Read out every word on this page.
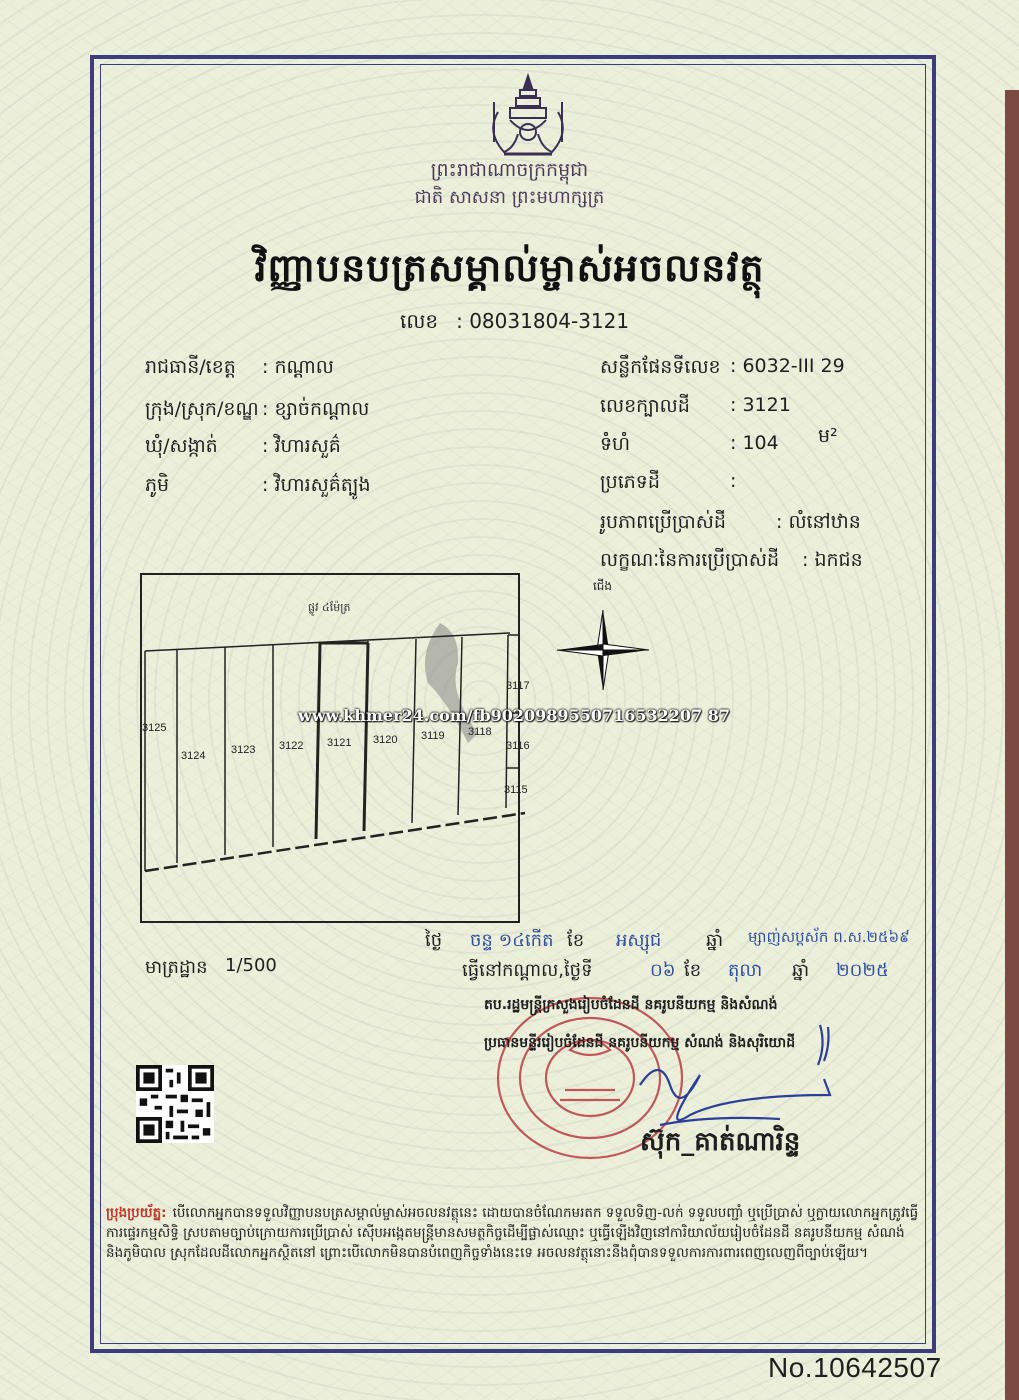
ព្រះរាជាណាចក្រកម្ពុជា
ជាតិ សាសនា ព្រះមហាក្សត្រ
វិញ្ញាបនបត្រសម្គាល់ម្ចាស់អចលនវត្ថុ
លេខ : 08031804-3121
រាជធានី/ខេត្ត : កណ្ដាល
ក្រុង/ស្រុក/ខណ្ឌ : ខ្សាច់កណ្ដាល
ឃុំ/សង្កាត់ : វិហារសួគ៌
ភូមិ	: វិហារសួគ៌ត្បូង
សន្លឹកផែនទីលេខ : 6032-III 29
លេខក្បាលដី : 3121
ទំហំ	: 104 ម²
ប្រភេទដី	:
រូបភាពប្រើប្រាស់ដី	: លំនៅឋាន
លក្ខណៈនៃការប្រើប្រាស់ដី : ឯកជន
ផ្លូវ ៤ម៉ែត្រ
3125
3124 3123 3122 3121 3120 3119 3118
3117
3116
3115
ជើង
www.khmer24.com/fb9020989550716532207 87
មាត្រដ្ឋាន 1/500
ថ្ងៃ ចន្ទ ១៤កើត ខែ អស្សុជ ឆ្នាំ ម្សាញ់សប្តស័ក ព.ស.២៥៦៩
ធ្វើនៅកណ្ដាល,ថ្ងៃទី	០៦ ខែ តុលា ឆ្នាំ ២០២៥
តប.រដ្ឋមន្ត្រីក្រសួងរៀបចំដែនដី នគរូបនីយកម្ម និងសំណង់
ប្រធានមន្ទីររៀបចំដែនដី នគរូបនីយកម្ម សំណង់ និងសុរិយោដី
ស៊ុក_គាត់ណារិន្ទ
ប្រុងប្រយ័ត្ន: បើលោកអ្នកបានទទួលវិញ្ញាបនបត្រសម្គាល់ម្ចាស់អចលនវត្ថុនេះ ដោយបានចំណែកមរតក ទទួលទិញ-លក់ ទទួលបញ្ជាំ ឬប្រើប្រាស់ ឬក្លាយលោកអ្នកត្រូវធ្វើការផ្ទេរកម្មសិទ្ធិ ស្របតាមច្បាប់ក្រោយការប្រើប្រាស់ ស៊ើបអង្កេតមន្ត្រីមានសមត្ថកិច្ចដើម្បីផ្លាស់ឈ្មោះ ឬធ្វើឡើងវិញនៅការិយាល័យរៀបចំដែនដី នគរូបនីយកម្ម សំណង់ និងភូមិបាល ស្រុកដែលដីលោកអ្នកស្ថិតនៅ ព្រោះបើលោកមិនបានបំពេញកិច្ចទាំងនេះទេ អចលនវត្ថុនោះនឹងពុំបានទទួលការការពារពេញលេញពីច្បាប់ឡើយ។
No.10642507
